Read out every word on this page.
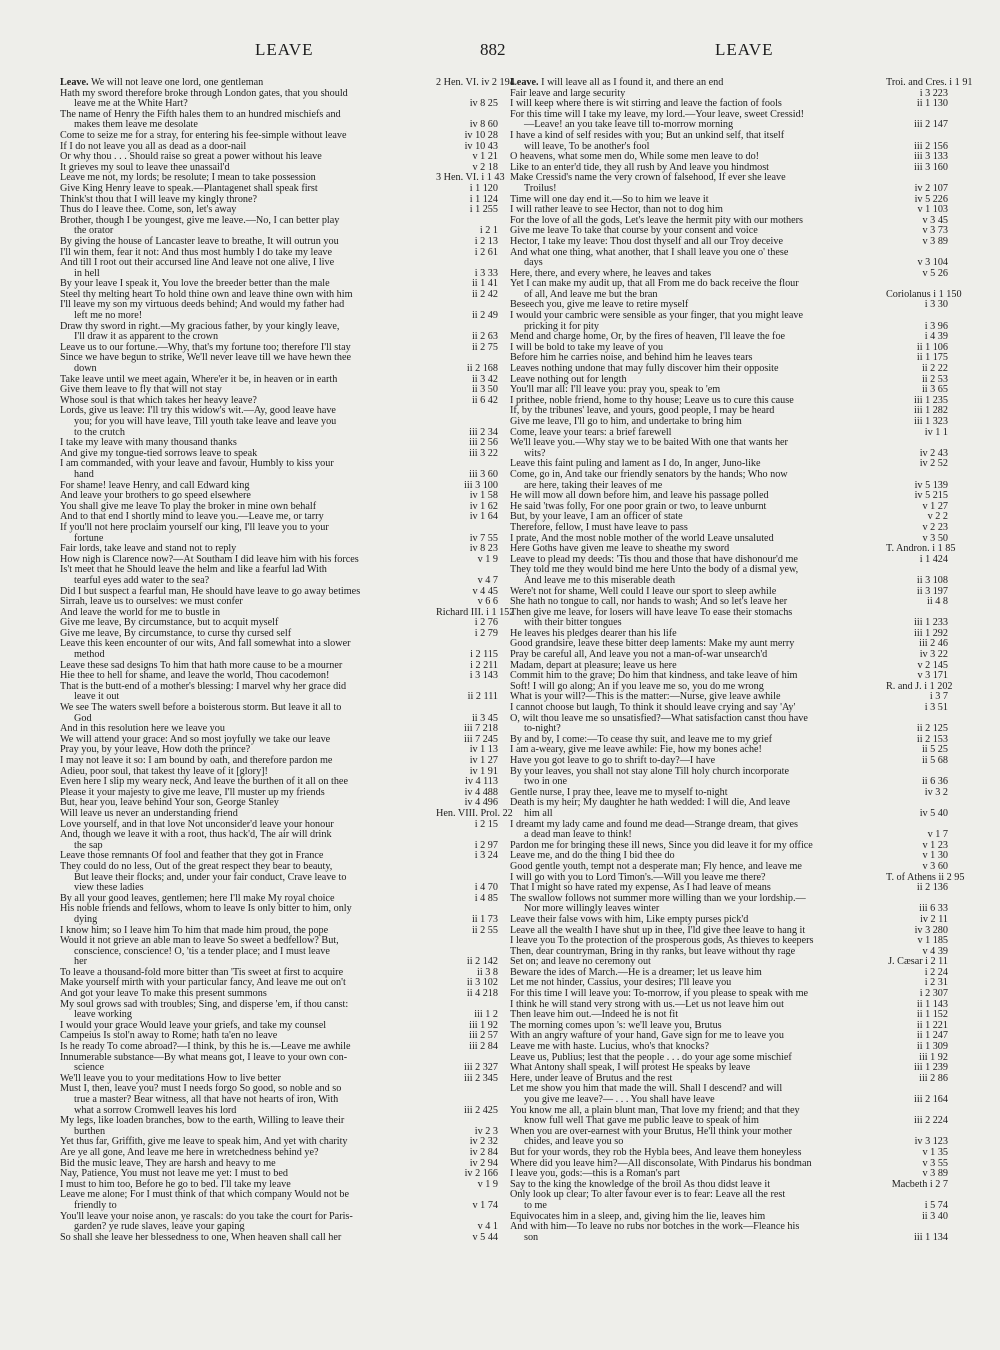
LEAVE	882	LEAVE
Leave. We will not leave one lord, one gentleman	2 Hen. VI. iv 2 194
Hath my sword therefore broke through London gates, that you should
leave me at the White Hart?	iv 8 25
The name of Henry the Fifth hales them to an hundred mischiefs and
makes them leave me desolate	iv 8 60
Come to seize me for a stray, for entering his fee-simple without leave	iv 10 28
If I do not leave you all as dead as a door-nail	iv 10 43
Or why thou . . . Should raise so great a power without his leave	v 1 21
It grieves my soul to leave thee unassail'd	v 2 18
Leave me not, my lords; be resolute; I mean to take possession	3 Hen. VI. i 1 43
Give King Henry leave to speak.—Plantagenet shall speak first	i 1 120
Think'st thou that I will leave my kingly throne?	i 1 124
Thus do I leave thee. Come, son, let's away	i 1 255
Brother, though I be youngest, give me leave.—No, I can better play
the orator	i 2 1
By giving the house of Lancaster leave to breathe, It will outrun you	i 2 13
I'll win them, fear it not: And thus most humbly I do take my leave	i 2 61
And till I root out their accursed line And leave not one alive, I live
in hell	i 3 33
By your leave I speak it, You love the breeder better than the male	ii 1 41
Steel thy melting heart To hold thine own and leave thine own with him	ii 2 42
I'll leave my son my virtuous deeds behind; And would my father had
left me no more!	ii 2 49
Draw thy sword in right.—My gracious father, by your kingly leave,
I'll draw it as apparent to the crown	ii 2 63
Leave us to our fortune.—Why, that's my fortune too; therefore I'll stay	ii 2 75
Since we have begun to strike, We'll never leave till we have hewn thee
down	ii 2 168
Take leave until we meet again, Where'er it be, in heaven or in earth	ii 3 42
Give them leave to fly that will not stay	ii 3 50
Whose soul is that which takes her heavy leave?	ii 6 42
Lords, give us leave: I'll try this widow's wit.—Ay, good leave have
you; for you will have leave, Till youth take leave and leave you
to the crutch	iii 2 34
I take my leave with many thousand thanks	iii 2 56
And give my tongue-tied sorrows leave to speak	iii 3 22
I am commanded, with your leave and favour, Humbly to kiss your
hand	iii 3 60
For shame! leave Henry, and call Edward king	iii 3 100
And leave your brothers to go speed elsewhere	iv 1 58
You shall give me leave To play the broker in mine own behalf	iv 1 62
And to that end I shortly mind to leave you.—Leave me, or tarry	iv 1 64
If you'll not here proclaim yourself our king, I'll leave you to your
fortune	iv 7 55
Fair lords, take leave and stand not to reply	iv 8 23
How nigh is Clarence now?—At Southam I did leave him with his forces	v 1 9
Is't meet that he Should leave the helm and like a fearful lad With
tearful eyes add water to the sea?	v 4 7
Did I but suspect a fearful man, He should have leave to go away betimes	v 4 45
Sirrah, leave us to ourselves: we must confer	v 6 6
And leave the world for me to bustle in	Richard III. i 1 152
Give me leave, By circumstance, but to acquit myself	i 2 76
Give me leave, By circumstance, to curse thy cursed self	i 2 79
Leave this keen encounter of our wits, And fall somewhat into a slower
method	i 2 115
Leave these sad designs To him that hath more cause to be a mourner	i 2 211
Hie thee to hell for shame, and leave the world, Thou cacodemon!	i 3 143
That is the butt-end of a mother's blessing: I marvel why her grace did
leave it out	ii 2 111
We see The waters swell before a boisterous storm. But leave it all to
God	ii 3 45
And in this resolution here we leave you	iii 7 218
We will attend your grace: And so most joyfully we take our leave	iii 7 245
Pray you, by your leave, How doth the prince?	iv 1 13
I may not leave it so: I am bound by oath, and therefore pardon me	iv 1 27
Adieu, poor soul, that takest thy leave of it [glory]!	iv 1 91
Even here I slip my weary neck, And leave the burthen of it all on thee	iv 4 113
Please it your majesty to give me leave, I'll muster up my friends	iv 4 488
But, hear you, leave behind Your son, George Stanley	iv 4 496
Will leave us never an understanding friend	Hen. VIII. Prol. 22
Love yourself, and in that love Not unconsider'd leave your honour	i 2 15
And, though we leave it with a root, thus hack'd, The air will drink
the sap	i 2 97
Leave those remnants Of fool and feather that they got in France	i 3 24
They could do no less, Out of the great respect they bear to beauty,
But leave their flocks; and, under your fair conduct, Crave leave to
view these ladies	i 4 70
By all your good leaves, gentlemen; here I'll make My royal choice	i 4 85
His noble friends and fellows, whom to leave Is only bitter to him, only
dying	ii 1 73
I know him; so I leave him To him that made him proud, the pope	ii 2 55
Would it not grieve an able man to leave So sweet a bedfellow? But,
conscience, conscience! O, 'tis a tender place; and I must leave
her	ii 2 142
To leave a thousand-fold more bitter than 'Tis sweet at first to acquire	ii 3 8
Make yourself mirth with your particular fancy, And leave me out on't	ii 3 102
And got your leave To make this present summons	ii 4 218
My soul grows sad with troubles; Sing, and disperse 'em, if thou canst:
leave working	iii 1 2
I would your grace Would leave your griefs, and take my counsel	iii 1 92
Campeius Is stol'n away to Rome; hath ta'en no leave	iii 2 57
Is he ready To come abroad?—I think, by this he is.—Leave me awhile	iii 2 84
Innumerable substance—By what means got, I leave to your own con-
science	iii 2 327
We'll leave you to your meditations How to live better	iii 2 345
Must I, then, leave you? must I needs forgo So good, so noble and so
true a master? Bear witness, all that have not hearts of iron, With
what a sorrow Cromwell leaves his lord	iii 2 425
My legs, like loaden branches, bow to the earth, Willing to leave their
burthen	iv 2 3
Yet thus far, Griffith, give me leave to speak him, And yet with charity	iv 2 32
Are ye all gone, And leave me here in wretchedness behind ye?	iv 2 84
Bid the music leave, They are harsh and heavy to me	iv 2 94
Nay, Patience, You must not leave me yet: I must to bed	iv 2 166
I must to him too, Before he go to bed. I'll take my leave	v 1 9
Leave me alone; For I must think of that which company Would not be
friendly to	v 1 74
You'll leave your noise anon, ye rascals: do you take the court for Paris-
garden? ye rude slaves, leave your gaping	v 4 1
So shall she leave her blessedness to one, When heaven shall call her	v 5 44
Leave. I will leave all as I found it, and there an end	Troi. and Cres. i 1 91
Fair leave and large security	i 3 223
I will keep where there is wit stirring and leave the faction of fools	ii 1 130
For this time will I take my leave, my lord.—Your leave, sweet Cressid!
—Leave! an you take leave till to-morrow morning	iii 2 147
I have a kind of self resides with you; But an unkind self, that itself
will leave, To be another's fool	iii 2 156
O heavens, what some men do, While some men leave to do!	iii 3 133
Like to an enter'd tide, they all rush by And leave you hindmost	iii 3 160
Make Cressid's name the very crown of falsehood, If ever she leave
Troilus!	iv 2 107
Time will one day end it.—So to him we leave it	iv 5 226
I will rather leave to see Hector, than not to dog him	v 1 103
For the love of all the gods, Let's leave the hermit pity with our mothers	v 3 45
Give me leave To take that course by your consent and voice	v 3 73
Hector, I take my leave: Thou dost thyself and all our Troy deceive	v 3 89
And what one thing, what another, that I shall leave you one o' these
days	v 3 104
Here, there, and every where, he leaves and takes	v 5 26
Yet I can make my audit up, that all From me do back receive the flour
of all, And leave me but the bran	Coriolanus i 1 150
Beseech you, give me leave to retire myself	i 3 30
I would your cambric were sensible as your finger, that you might leave
pricking it for pity	i 3 96
Mend and charge home, Or, by the fires of heaven, I'll leave the foe	i 4 39
I will be bold to take my leave of you	ii 1 106
Before him he carries noise, and behind him he leaves tears	ii 1 175
Leaves nothing undone that may fully discover him their opposite	ii 2 22
Leave nothing out for length	ii 2 53
You'll mar all: I'll leave you: pray you, speak to 'em	ii 3 65
I prithee, noble friend, home to thy house; Leave us to cure this cause	iii 1 235
If, by the tribunes' leave, and yours, good people, I may be heard	iii 1 282
Give me leave, I'll go to him, and undertake to bring him	iii 1 323
Come, leave your tears: a brief farewell	iv 1 1
We'll leave you.—Why stay we to be baited With one that wants her
wits?	iv 2 43
Leave this faint puling and lament as I do, In anger, Juno-like	iv 2 52
Come, go in, And take our friendly senators by the hands; Who now
are here, taking their leaves of me	iv 5 139
He will mow all down before him, and leave his passage polled	iv 5 215
He said 'twas folly, For one poor grain or two, to leave unburnt	v 1 27
But, by your leave, I am an officer of state	v 2 2
Therefore, fellow, I must have leave to pass	v 2 23
I prate, And the most noble mother of the world Leave unsaluted	v 3 50
Here Goths have given me leave to sheathe my sword	T. Andron. i 1 85
Leave to plead my deeds: 'Tis thou and those that have dishonour'd me	i 1 424
They told me they would bind me here Unto the body of a dismal yew,
And leave me to this miserable death	ii 3 108
Were't not for shame, Well could I leave our sport to sleep awhile	ii 3 197
She hath no tongue to call, nor hands to wash; And so let's leave her	ii 4 8
Then give me leave, for losers will have leave To ease their stomachs
with their bitter tongues	iii 1 233
He leaves his pledges dearer than his life	iii 1 292
Good grandsire, leave these bitter deep laments: Make my aunt merry	iii 2 46
Pray be careful all, And leave you not a man-of-war unsearch'd	iv 3 22
Madam, depart at pleasure; leave us here	v 2 145
Commit him to the grave; Do him that kindness, and take leave of him	v 3 171
Soft! I will go along; An if you leave me so, you do me wrong	R. and J. i 1 202
What is your will?—This is the matter:—Nurse, give leave awhile	i 3 7
I cannot choose but laugh, To think it should leave crying and say 'Ay'	i 3 51
O, wilt thou leave me so unsatisfied?—What satisfaction canst thou have
to-night?	ii 2 125
By and by, I come:—To cease thy suit, and leave me to my grief	ii 2 153
I am a-weary, give me leave awhile: Fie, how my bones ache!	ii 5 25
Have you got leave to go to shrift to-day?—I have	ii 5 68
By your leaves, you shall not stay alone Till holy church incorporate
two in one	ii 6 36
Gentle nurse, I pray thee, leave me to myself to-night	iv 3 2
Death is my heir; My daughter he hath wedded: I will die, And leave
him all	iv 5 40
I dreamt my lady came and found me dead—Strange dream, that gives
a dead man leave to think!	v 1 7
Pardon me for bringing these ill news, Since you did leave it for my office	v 1 23
Leave me, and do the thing I bid thee do	v 1 30
Good gentle youth, tempt not a desperate man; Fly hence, and leave me	v 3 60
I will go with you to Lord Timon's.—Will you leave me there?	T. of Athens ii 2 95
That I might so have rated my expense, As I had leave of means	ii 2 136
The swallow follows not summer more willing than we your lordship.—
Nor more willingly leaves winter	iii 6 33
Leave their false vows with him, Like empty purses pick'd	iv 2 11
Leave all the wealth I have shut up in thee, I'ld give thee leave to hang it	iv 3 280
I leave you To the protection of the prosperous gods, As thieves to keepers	v 1 185
Then, dear countryman, Bring in thy ranks, but leave without thy rage	v 4 39
Set on; and leave no ceremony out	J. Cæsar i 2 11
Beware the ides of March.—He is a dreamer; let us leave him	i 2 24
Let me not hinder, Cassius, your desires; I'll leave you	i 2 31
For this time I will leave you: To-morrow, if you please to speak with me	i 2 307
I think he will stand very strong with us.—Let us not leave him out	ii 1 143
Then leave him out.—Indeed he is not fit	ii 1 152
The morning comes upon 's: we'll leave you, Brutus	ii 1 221
With an angry wafture of your hand, Gave sign for me to leave you	ii 1 247
Leave me with haste. Lucius, who's that knocks?	ii 1 309
Leave us, Publius; lest that the people . . . do your age some mischief	iii 1 92
What Antony shall speak, I will protest He speaks by leave	iii 1 239
Here, under leave of Brutus and the rest	iii 2 86
Let me show you him that made the will. Shall I descend? and will
you give me leave?— . . . You shall have leave	iii 2 164
You know me all, a plain blunt man, That love my friend; and that they
know full well That gave me public leave to speak of him	iii 2 224
When you are over-earnest with your Brutus, He'll think your mother
chides, and leave you so	iv 3 123
But for your words, they rob the Hybla bees, And leave them honeyless	v 1 35
Where did you leave him?—All disconsolate, With Pindarus his bondman	v 3 55
I leave you, gods:—this is a Roman's part	v 3 89
Say to the king the knowledge of the broil As thou didst leave it	Macbeth i 2 7
Only look up clear; To alter favour ever is to fear: Leave all the rest
to me	i 5 74
Equivocates him in a sleep, and, giving him the lie, leaves him	ii 3 40
And with him—To leave no rubs nor botches in the work—Fleance his
son	iii 1 134
